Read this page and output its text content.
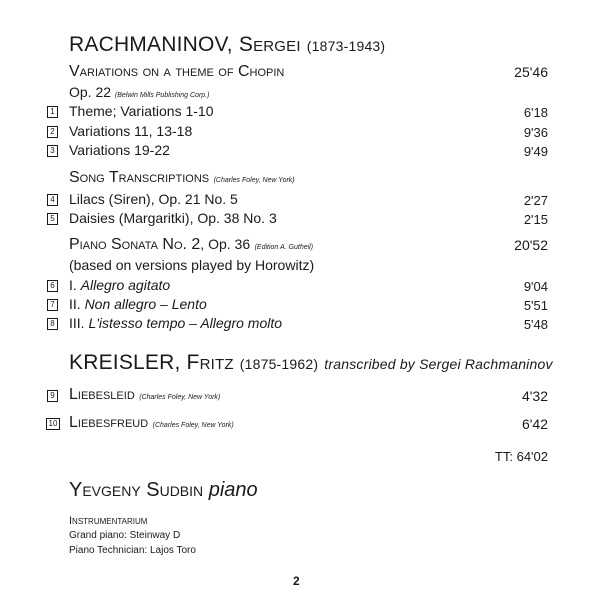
RACHMANINOV, Sergei (1873-1943)
Variations on a theme of Chopin	25'46
Op. 22 (Belwin Mills Publishing Corp.)
1 Theme; Variations 1-10	6'18
2 Variations 11, 13-18	9'36
3 Variations 19-22	9'49
Song Transcriptions (Charles Foley, New York)
4 Lilacs (Siren), Op. 21 No. 5	2'27
5 Daisies (Margaritki), Op. 38 No. 3	2'15
Piano Sonata No. 2, Op. 36 (Edition A. Gutheil)	20'52
(based on versions played by Horowitz)
6 I. Allegro agitato	9'04
7 II. Non allegro – Lento	5'51
8 III. L'istesso tempo – Allegro molto	5'48
KREISLER, Fritz (1875-1962) transcribed by Sergei Rachmaninov
9 Liebesleid (Charles Foley, New York)	4'32
10 Liebesfreud (Charles Foley, New York)	6'42
TT: 64'02
Yevgeny Sudbin piano
Instrumentarium
Grand piano: Steinway D
Piano Technician: Lajos Toro
2
